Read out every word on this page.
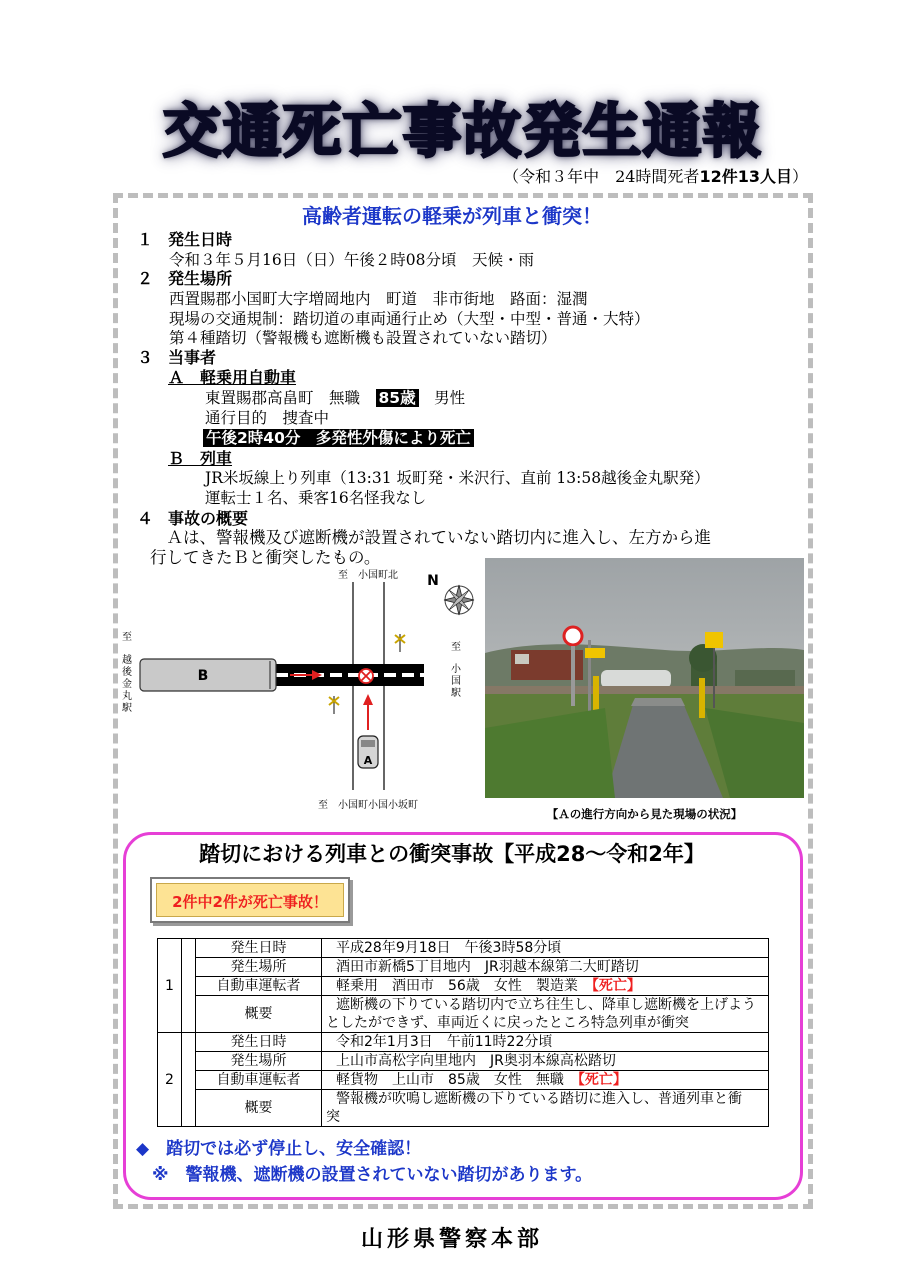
交通死亡事故発生通報
（令和３年中　24時間死者12件13人目）
高齢者運転の軽乗が列車と衝突！
１ 発生日時
令和３年５月16日（日）午後２時08分頃　天候・雨
２ 発生場所
西置賜郡小国町大字増岡地内　町道　非市街地　路面：湿潤
現場の交通規制：踏切道の車両通行止め（大型・中型・普通・大特）
第４種踏切（警報機も遮断機も設置されていない踏切）
３ 当事者
Ａ　軽乗用自動車
東置賜郡高畠町　無職　85歳　男性
通行目的　捜査中
午後2時40分　多発性外傷により死亡
Ｂ　列車
JR米坂線上り列車（13:31 坂町発・米沢行、直前 13:58越後金丸駅発）
運転士１名、乗客16名怪我なし
４ 事故の概要
　Ａは、警報機及び遮断機が設置されていない踏切内に進入し、左方から進
行してきたＢと衝突したもの。
至　小国町北 N
B
A
至
越
後
金
丸
駅
至
小
国
駅
至　小国町小国小坂町
【Ａの進行方向から見た現場の状況】
踏切における列車との衝突事故【平成28～令和2年】
2件中2件が死亡事故！
1		発生日時	平成28年9月18日　午後3時58分頃
		発生場所	酒田市新橋5丁目地内　JR羽越本線第二大町踏切
		自動車運転者	軽乗用　酒田市　56歳　女性　製造業　【死亡】
		概要	遮断機の下りている踏切内で立ち往生し、降車し遮断機を上げよう
			としたができず、車両近くに戻ったところ特急列車が衝突
2		発生日時	令和2年1月3日　午前11時22分頃
		発生場所	上山市高松字向里地内　JR奥羽本線高松踏切
		自動車運転者	軽貨物　上山市　85歳　女性　無職　【死亡】
		概要	警報機が吹鳴し遮断機の下りている踏切に進入し、普通列車と衝
			突
◆　踏切では必ず停止し、安全確認！
※　警報機、遮断機の設置されていない踏切があります。
山形県警察本部
